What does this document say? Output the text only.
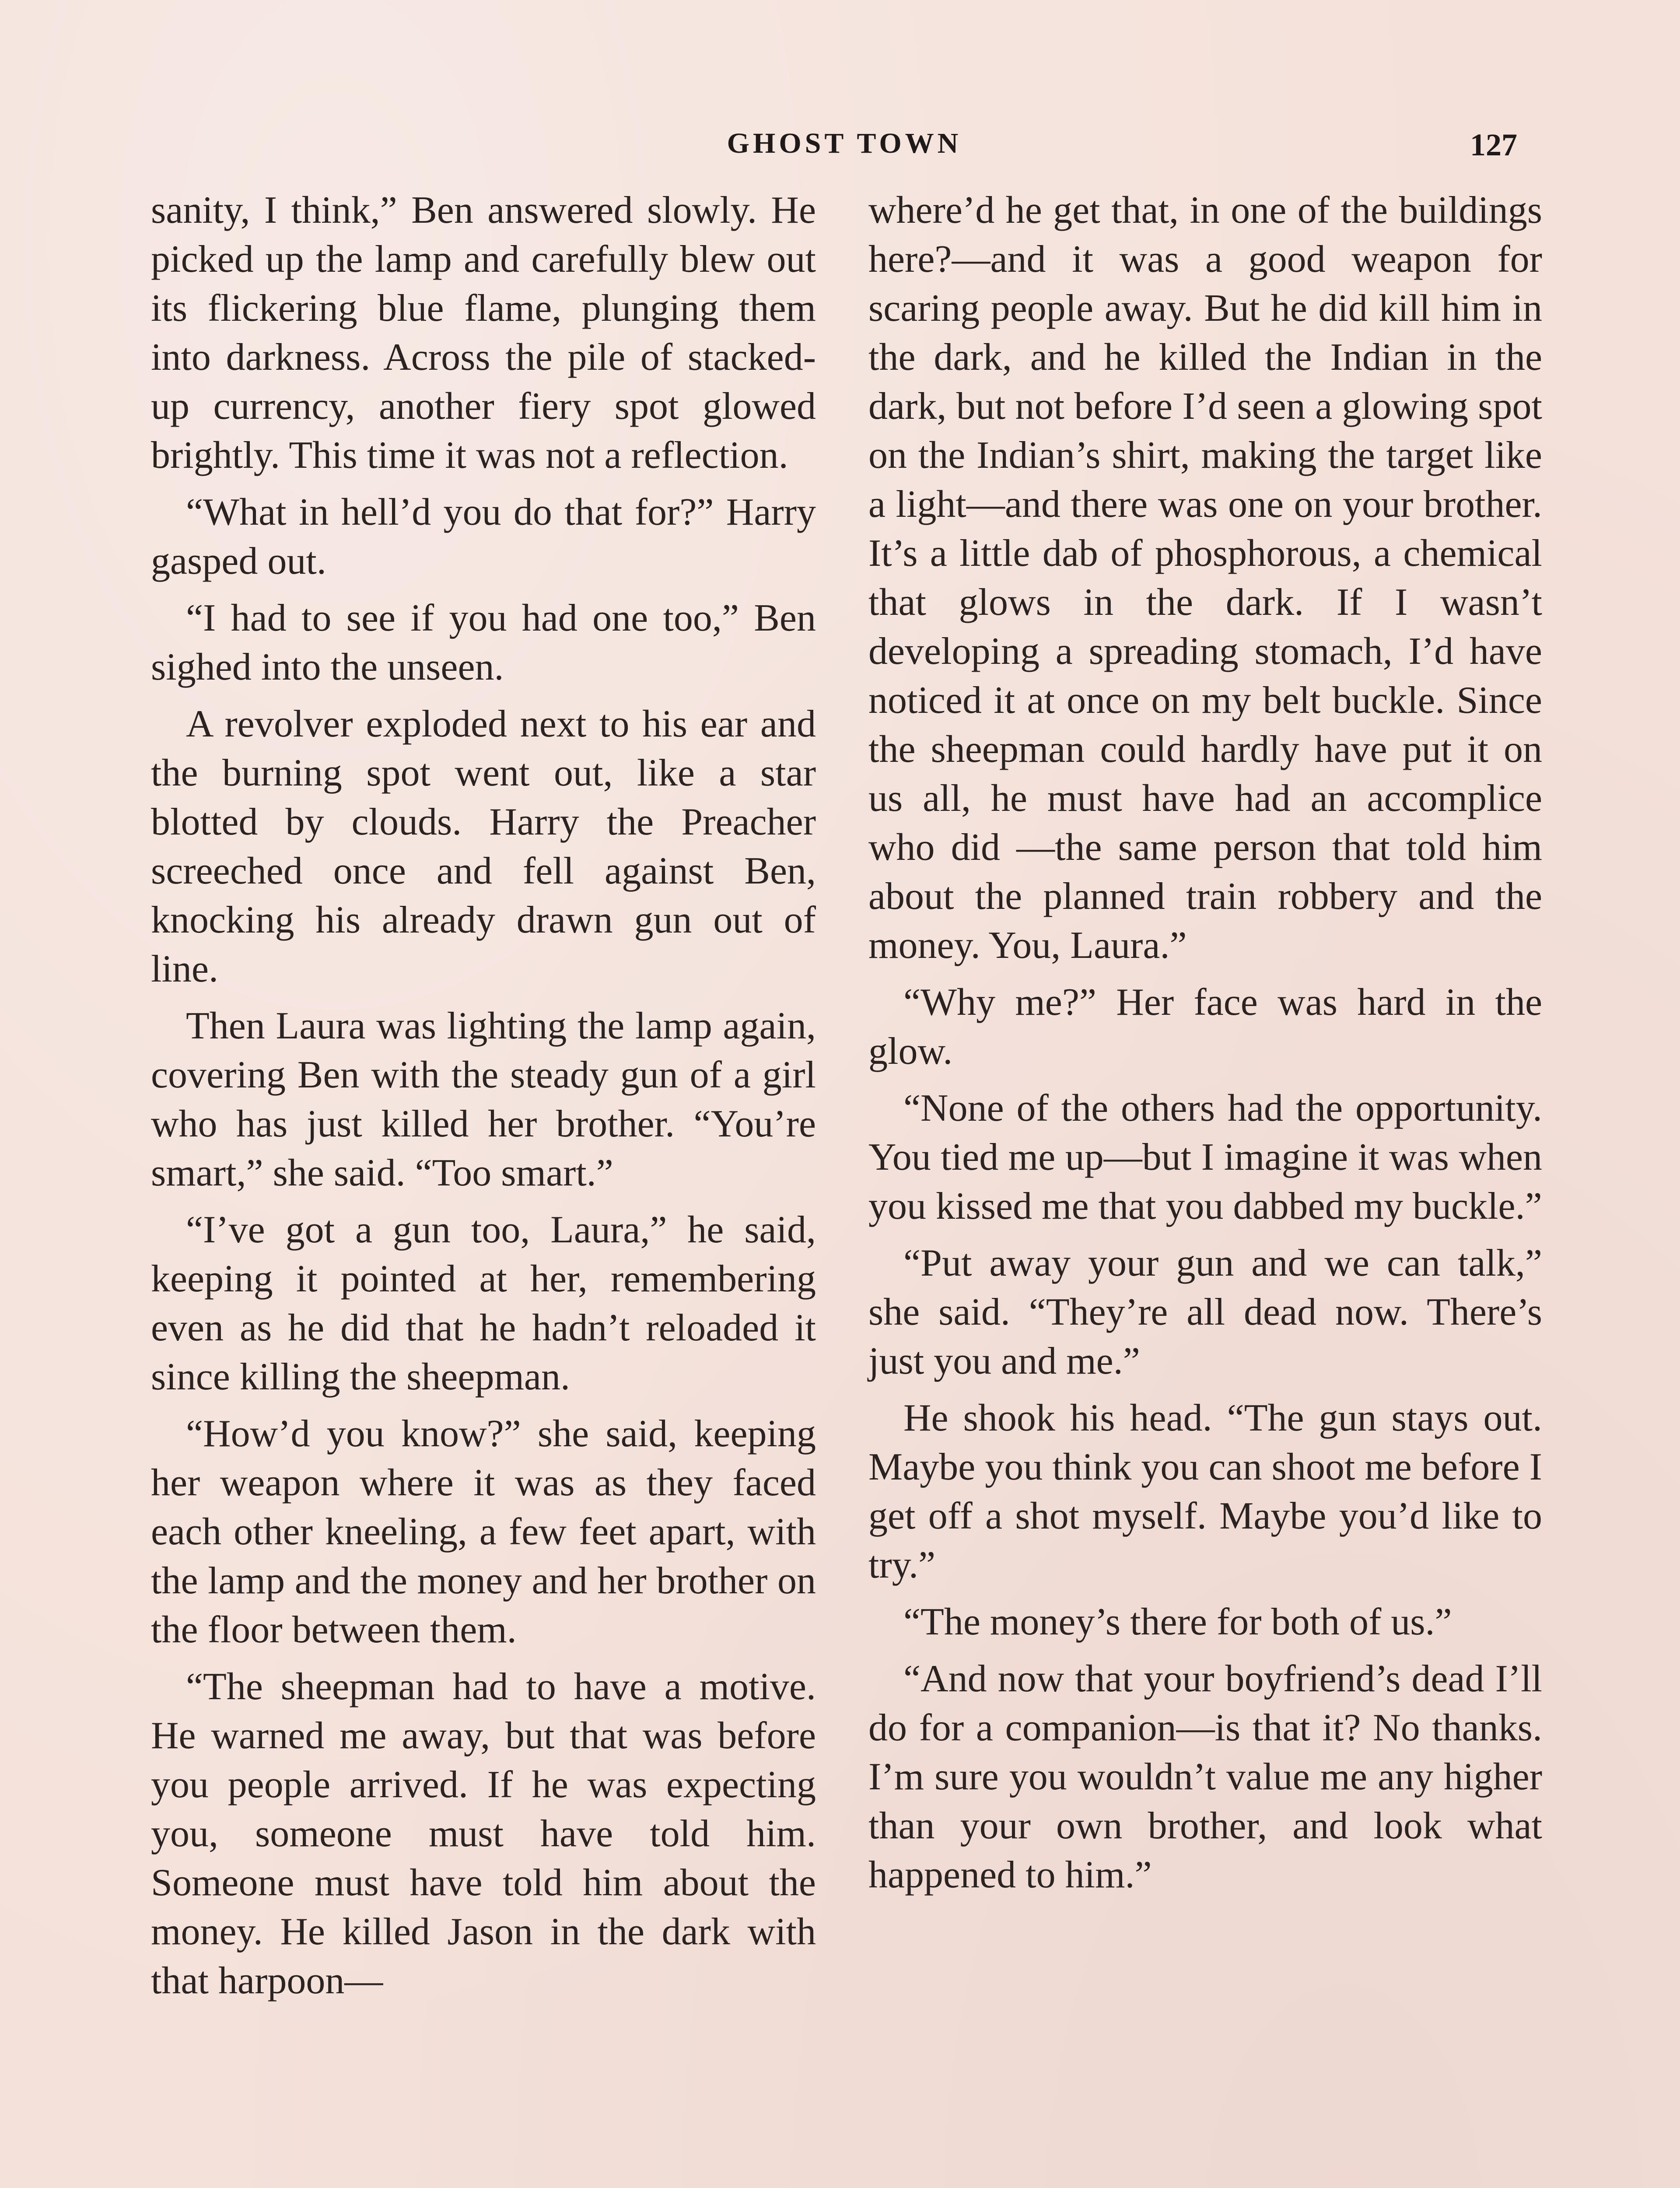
GHOST TOWN	127

sanity, I think,” Ben answered slowly. He picked up the lamp and carefully blew out its flickering blue flame, plunging them into darkness. Across the pile of stacked-up currency, another fiery spot glowed brightly. This time it was not a reflection.

“What in hell’d you do that for?” Harry gasped out.

“I had to see if you had one too,” Ben sighed into the unseen.

A revolver exploded next to his ear and the burning spot went out, like a star blotted by clouds. Harry the Preacher screeched once and fell against Ben, knocking his already drawn gun out of line.

Then Laura was lighting the lamp again, covering Ben with the steady gun of a girl who has just killed her brother. “You’re smart,” she said. “Too smart.”

“I’ve got a gun too, Laura,” he said, keeping it pointed at her, remembering even as he did that he hadn’t reloaded it since killing the sheepman.

“How’d you know?” she said, keeping her weapon where it was as they faced each other kneeling, a few feet apart, with the lamp and the money and her brother on the floor between them.

“The sheepman had to have a motive. He warned me away, but that was before you people arrived. If he was expecting you, someone must have told him. Someone must have told him about the money. He killed Jason in the dark with that harpoon—

where’d he get that, in one of the buildings here?—and it was a good weapon for scaring people away. But he did kill him in the dark, and he killed the Indian in the dark, but not before I’d seen a glowing spot on the Indian’s shirt, making the target like a light—and there was one on your brother. It’s a little dab of phosphorous, a chemical that glows in the dark. If I wasn’t developing a spreading stomach, I’d have noticed it at once on my belt buckle. Since the sheepman could hardly have put it on us all, he must have had an accomplice who did —the same person that told him about the planned train robbery and the money. You, Laura.”

“Why me?” Her face was hard in the glow.

“None of the others had the opportunity. You tied me up—but I imagine it was when you kissed me that you dabbed my buckle.”

“Put away your gun and we can talk,” she said. “They’re all dead now. There’s just you and me.”

He shook his head. “The gun stays out. Maybe you think you can shoot me before I get off a shot myself. Maybe you’d like to try.”

“The money’s there for both of us.”

“And now that your boyfriend’s dead I’ll do for a companion—is that it? No thanks. I’m sure you wouldn’t value me any higher than your own brother, and look what happened to him.”
